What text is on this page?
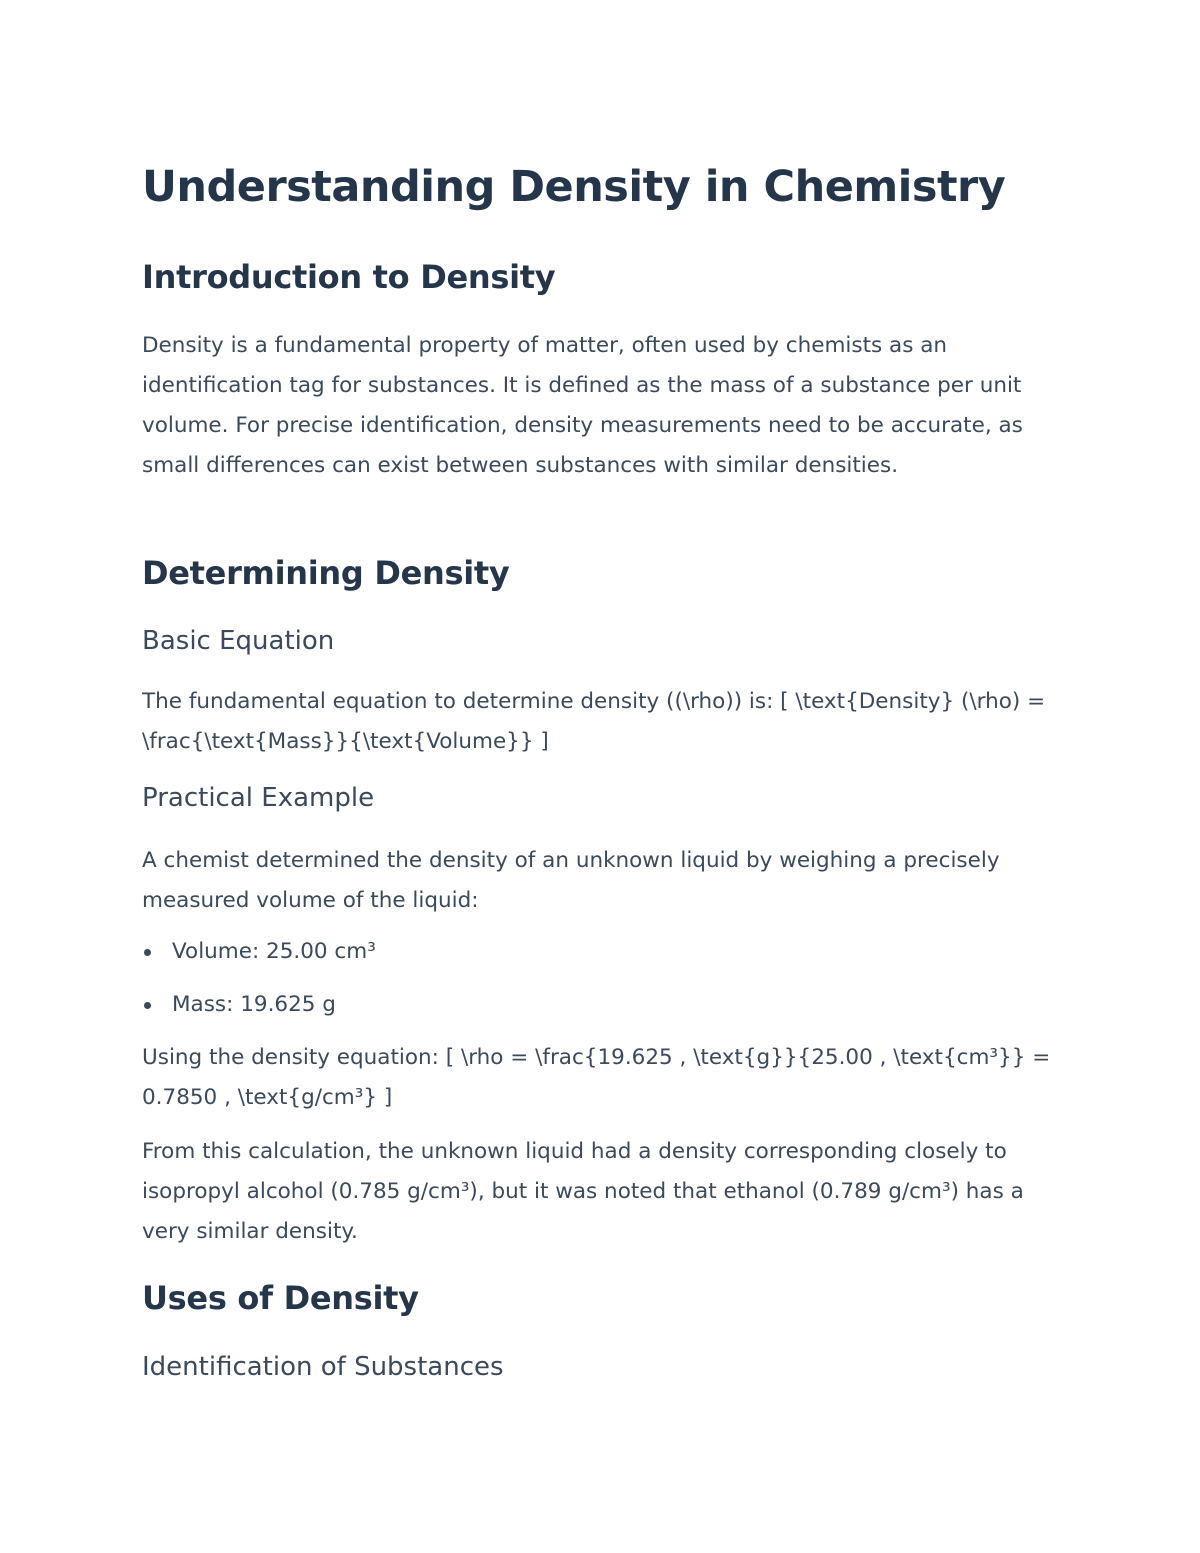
Understanding Density in Chemistry
Introduction to Density

Density is a fundamental property of matter, often used by chemists as an identification tag for substances. It is defined as the mass of a substance per unit volume. For precise identification, density measurements need to be accurate, as small differences can exist between substances with similar densities.

Determining Density
Basic Equation

The fundamental equation to determine density ((\rho)) is: [ \text{Density} (\rho) = \frac{\text{Mass}}{\text{Volume}} ]

Practical Example

A chemist determined the density of an unknown liquid by weighing a precisely measured volume of the liquid:

Volume: 25.00 cm³
Mass: 19.625 g

Using the density equation: [ \rho = \frac{19.625 , \text{g}}{25.00 , \text{cm³}} = 0.7850 , \text{g/cm³} ]

From this calculation, the unknown liquid had a density corresponding closely to isopropyl alcohol (0.785 g/cm³), but it was noted that ethanol (0.789 g/cm³) has a very similar density.

Uses of Density
Identification of Substances
